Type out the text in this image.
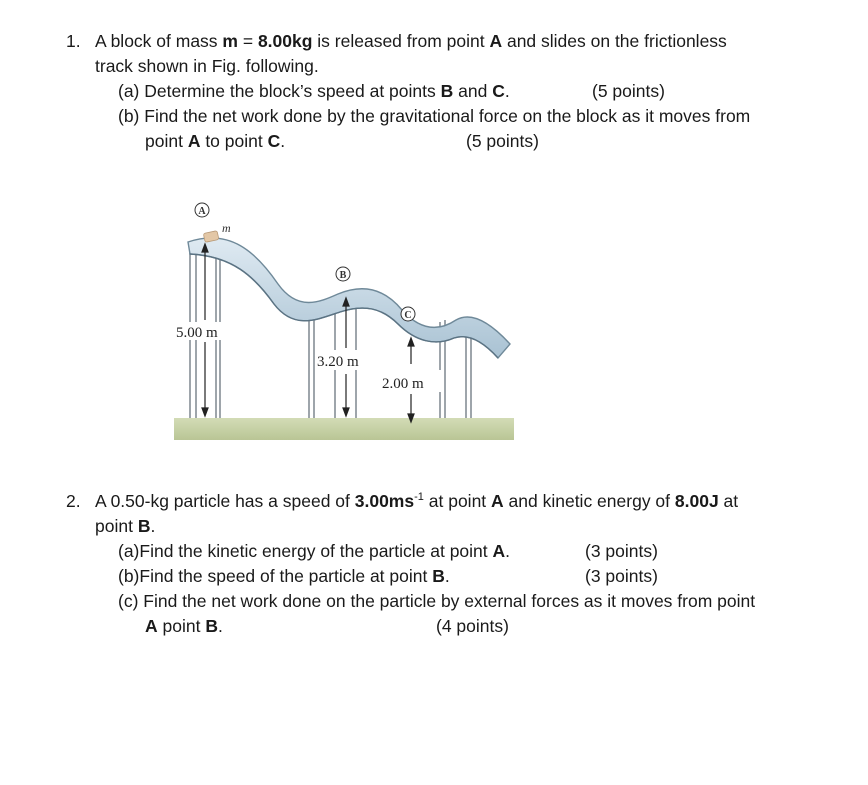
1. A block of mass m = 8.00kg is released from point A and slides on the frictionless
track shown in Fig. following.
(a) Determine the block’s speed at points B and C.	(5 points)
(b) Find the net work done by the gravitational force on the block as it moves from
point A to point C.	(5 points)
m
A
B
C
5.00 m
3.20 m
2.00 m
2. A 0.50-kg particle has a speed of $3.00ms^{-1}$ at point A and kinetic energy of 8.00J at
point B.
(a)Find the kinetic energy of the particle at point A.	(3 points)
(b)Find the speed of the particle at point B.	(3 points)
(c) Find the net work done on the particle by external forces as it moves from point
A point B.	(4 points)
